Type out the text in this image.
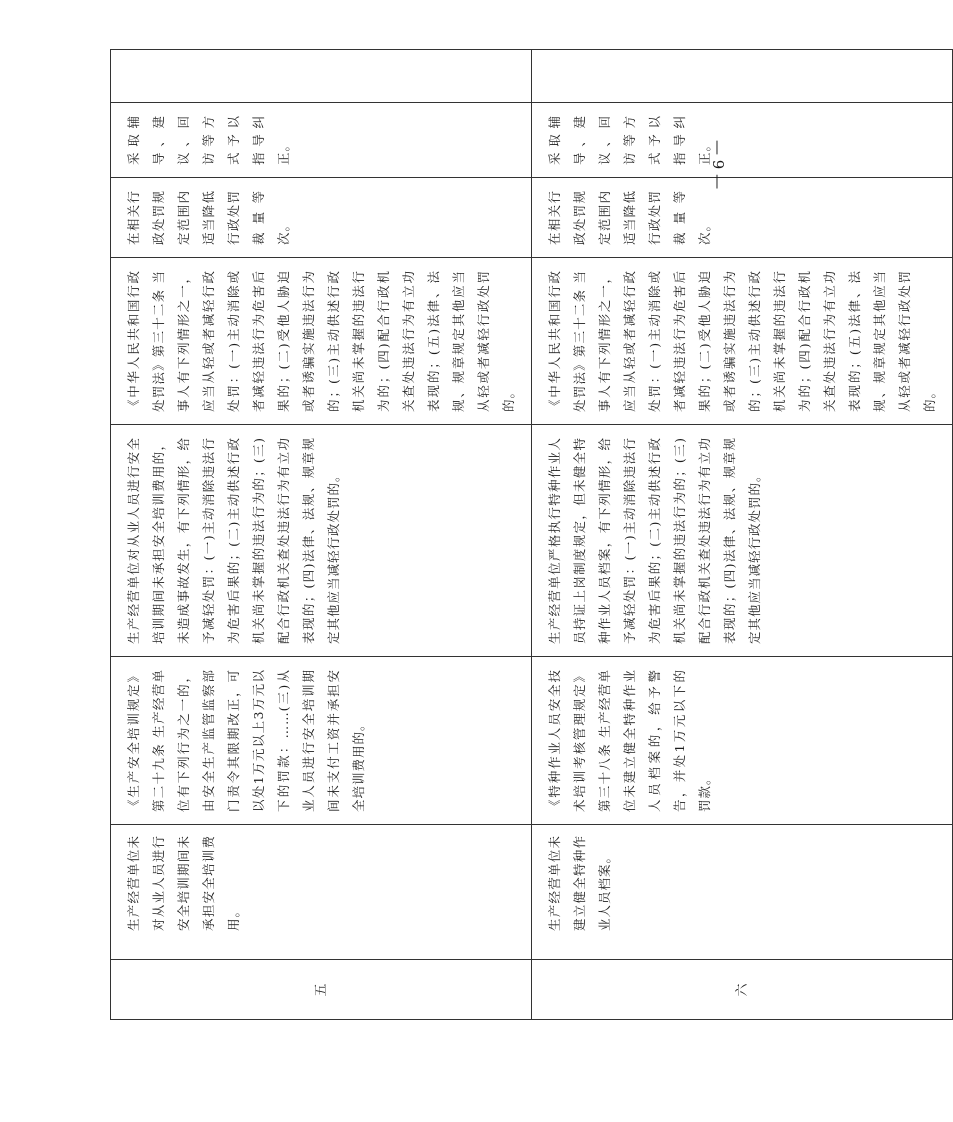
五	生产经营单位未对从业人员进行安全培训期间未承担安全培训费用。	《生产安全培训规定》第二十九条 生产经营单位有下列行为之一的，由安全生产监管监察部门责令其限期改正，可以处1万元以上3万元以下的罚款：……(三)从业人员进行安全培训期间未支付工资并承担安全培训费用的。	生产经营单位对从业人员进行安全培训期间未承担安全培训费用的，未造成事故发生，有下列情形，给予减轻处罚：(一)主动消除违法行为危害后果的；(二)主动供述行政机关尚未掌握的违法行为的；(三)配合行政机关查处违法行为有立功表现的；(四)法律、法规、规章规定其他应当减轻行政处罚的。	《中华人民共和国行政处罚法》第三十二条 当事人有下列情形之一，应当从轻或者减轻行政处罚：(一)主动消除或者减轻违法行为危害后果的；(二)受他人胁迫或者诱骗实施违法行为的；(三)主动供述行政机关尚未掌握的违法行为的；(四)配合行政机关查处违法行为有立功表现的；(五)法律、法规、规章规定其他应当从轻或者减轻行政处罚的。	在相关行政处罚规定范围内适当降低行政处罚裁量等次。	采取辅导、建议、回访等方式予以指导纠正。	
六	生产经营单位未建立健全特种作业人员档案。	《特种作业人员安全技术培训考核管理规定》第三十八条 生产经营单位未建立健全特种作业人员档案的，给予警告，并处1万元以下的罚款。	生产经营单位严格执行特种作业人员持证上岗制度规定，但未健全特种作业人员档案，有下列情形，给予减轻处罚：(一)主动消除违法行为危害后果的；(二)主动供述行政机关尚未掌握的违法行为的；(三)配合行政机关查处违法行为有立功表现的；(四)法律、法规、规章规定其他应当减轻行政处罚的。	《中华人民共和国行政处罚法》第三十二条 当事人有下列情形之一，应当从轻或者减轻行政处罚：(一)主动消除或者减轻违法行为危害后果的；(二)受他人胁迫或者诱骗实施违法行为的；(三)主动供述行政机关尚未掌握的违法行为的；(四)配合行政机关查处违法行为有立功表现的；(五)法律、法规、规章规定其他应当从轻或者减轻行政处罚的。	在相关行政处罚规定范围内适当降低行政处罚裁量等次。	采取辅导、建议、回访等方式予以指导纠正。	
— 9 —
